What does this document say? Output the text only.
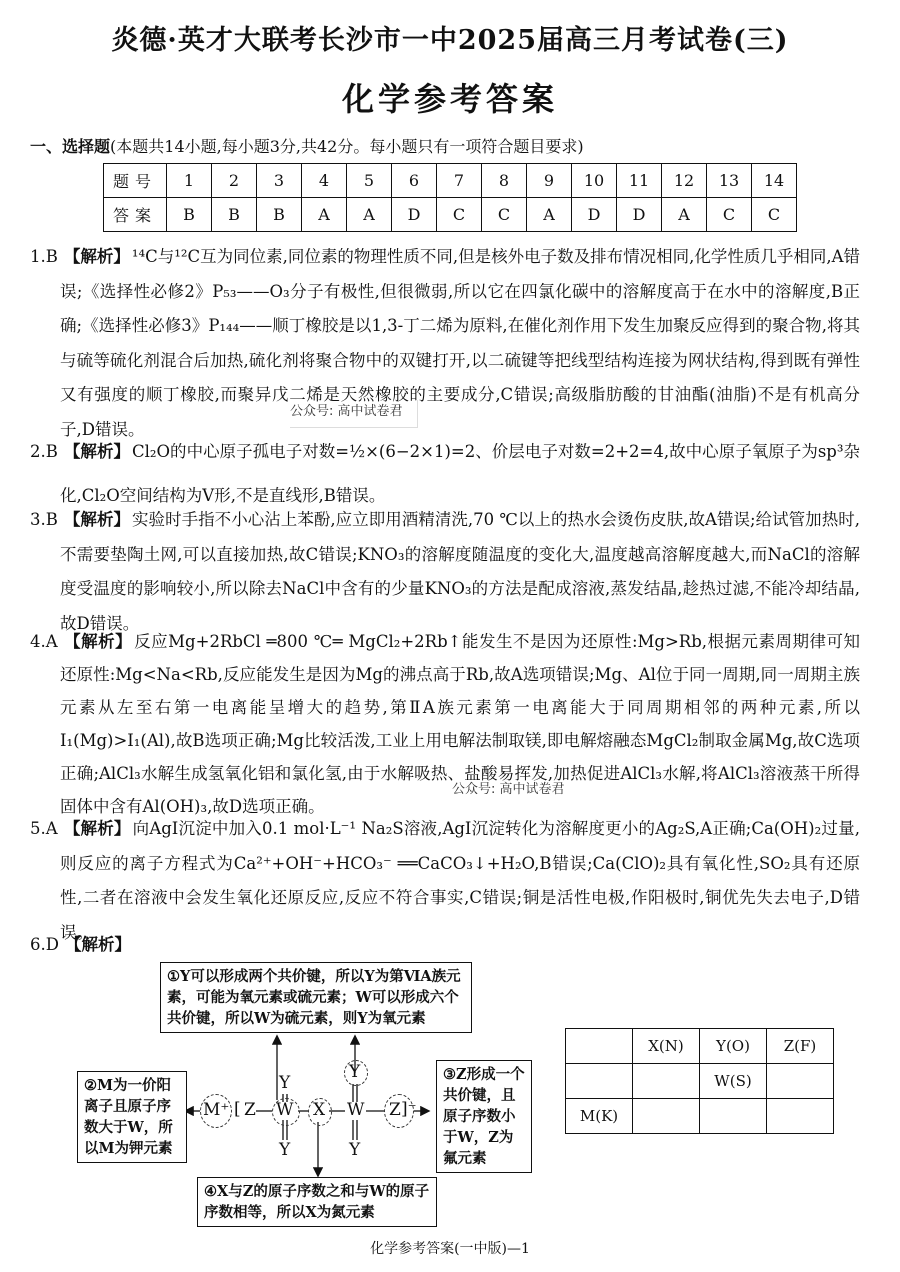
炎德·英才大联考长沙市一中2025届高三月考试卷(三)
化学参考答案
一、选择题(本题共14小题,每小题3分,共42分。每小题只有一项符合题目要求)
题号	1	2	3	4	5	6	7	8	9	10	11	12	13	14
答案	B	B	B	A	A	D	C	C	A	D	D	A	C	C

1.B 【解析】 ¹⁴C与¹²C互为同位素,同位素的物理性质不同,但是核外电子数及排布情况相同,化学性质几乎相同,A错误;《选择性必修2》P₅₃——O₃分子有极性,但很微弱,所以它在四氯化碳中的溶解度高于在水中的溶解度,B正确;《选择性必修3》P₁₄₄——顺丁橡胶是以1,3-丁二烯为原料,在催化剂作用下发生加聚反应得到的聚合物,将其与硫等硫化剂混合后加热,硫化剂将聚合物中的双键打开,以二硫键等把线型结构连接为网状结构,得到既有弹性又有强度的顺丁橡胶,而聚异戊二烯是天然橡胶的主要成分,C错误;高级脂肪酸的甘油酯(油脂)不是有机高分子,D错误。

公众号: 高中试卷君

2.B 【解析】 Cl₂O的中心原子孤电子对数=½×(6−2×1)=2、价层电子对数=2+2=4,故中心原子氧原子为sp³杂化,Cl₂O空间结构为V形,不是直线形,B错误。

3.B 【解析】 实验时手指不小心沾上苯酚,应立即用酒精清洗,70 ℃以上的热水会烫伤皮肤,故A错误;给试管加热时,不需要垫陶土网,可以直接加热,故C错误;KNO₃的溶解度随温度的变化大,温度越高溶解度越大,而NaCl的溶解度受温度的影响较小,所以除去NaCl中含有的少量KNO₃的方法是配成溶液,蒸发结晶,趁热过滤,不能冷却结晶,故D错误。

4.A 【解析】 反应Mg+2RbCl ═800 ℃═ MgCl₂+2Rb↑能发生不是因为还原性:Mg>Rb,根据元素周期律可知还原性:Mg<Na<Rb,反应能发生是因为Mg的沸点高于Rb,故A选项错误;Mg、Al位于同一周期,同一周期主族元素从左至右第一电离能呈增大的趋势,第ⅡA族元素第一电离能大于同周期相邻的两种元素,所以I₁(Mg)>I₁(Al),故B选项正确;Mg比较活泼,工业上用电解法制取镁,即电解熔融态MgCl₂制取金属Mg,故C选项正确;AlCl₃水解生成氢氧化铝和氯化氢,由于水解吸热、盐酸易挥发,加热促进AlCl₃水解,将AlCl₃溶液蒸干所得固体中含有Al(OH)₃,故D选项正确。

公众号: 高中试卷君

5.A 【解析】 向AgI沉淀中加入0.1 mol·L⁻¹ Na₂S溶液,AgI沉淀转化为溶解度更小的Ag₂S,A正确;Ca(OH)₂过量,则反应的离子方程式为Ca²⁺+OH⁻+HCO₃⁻ ══CaCO₃↓+H₂O,B错误;Ca(ClO)₂具有氧化性,SO₂具有还原性,二者在溶液中会发生氧化还原反应,反应不符合事实,C错误;铜是活性电极,作阳极时,铜优先失去电子,D错误。

6.D 【解析】

①Y可以形成两个共价键，所以Y为第ⅥA族元素，可能为氧元素或硫元素；W可以形成六个共价键，所以W为硫元素，则Y为氧元素
②M为一价阳离子且原子序数大于W，所以M为钾元素
③Z形成一个共价键，且原子序数小于W，Z为氟元素
④X与Z的原子序数之和与W的原子序数相等，所以X为氮元素
M⁺ [ Z W X W Z ]⁻
Y
Y
Y
Y
	X(N)	Y(O)	Z(F)
		W(S)	
M(K)			
化学参考答案(一中版)—1
